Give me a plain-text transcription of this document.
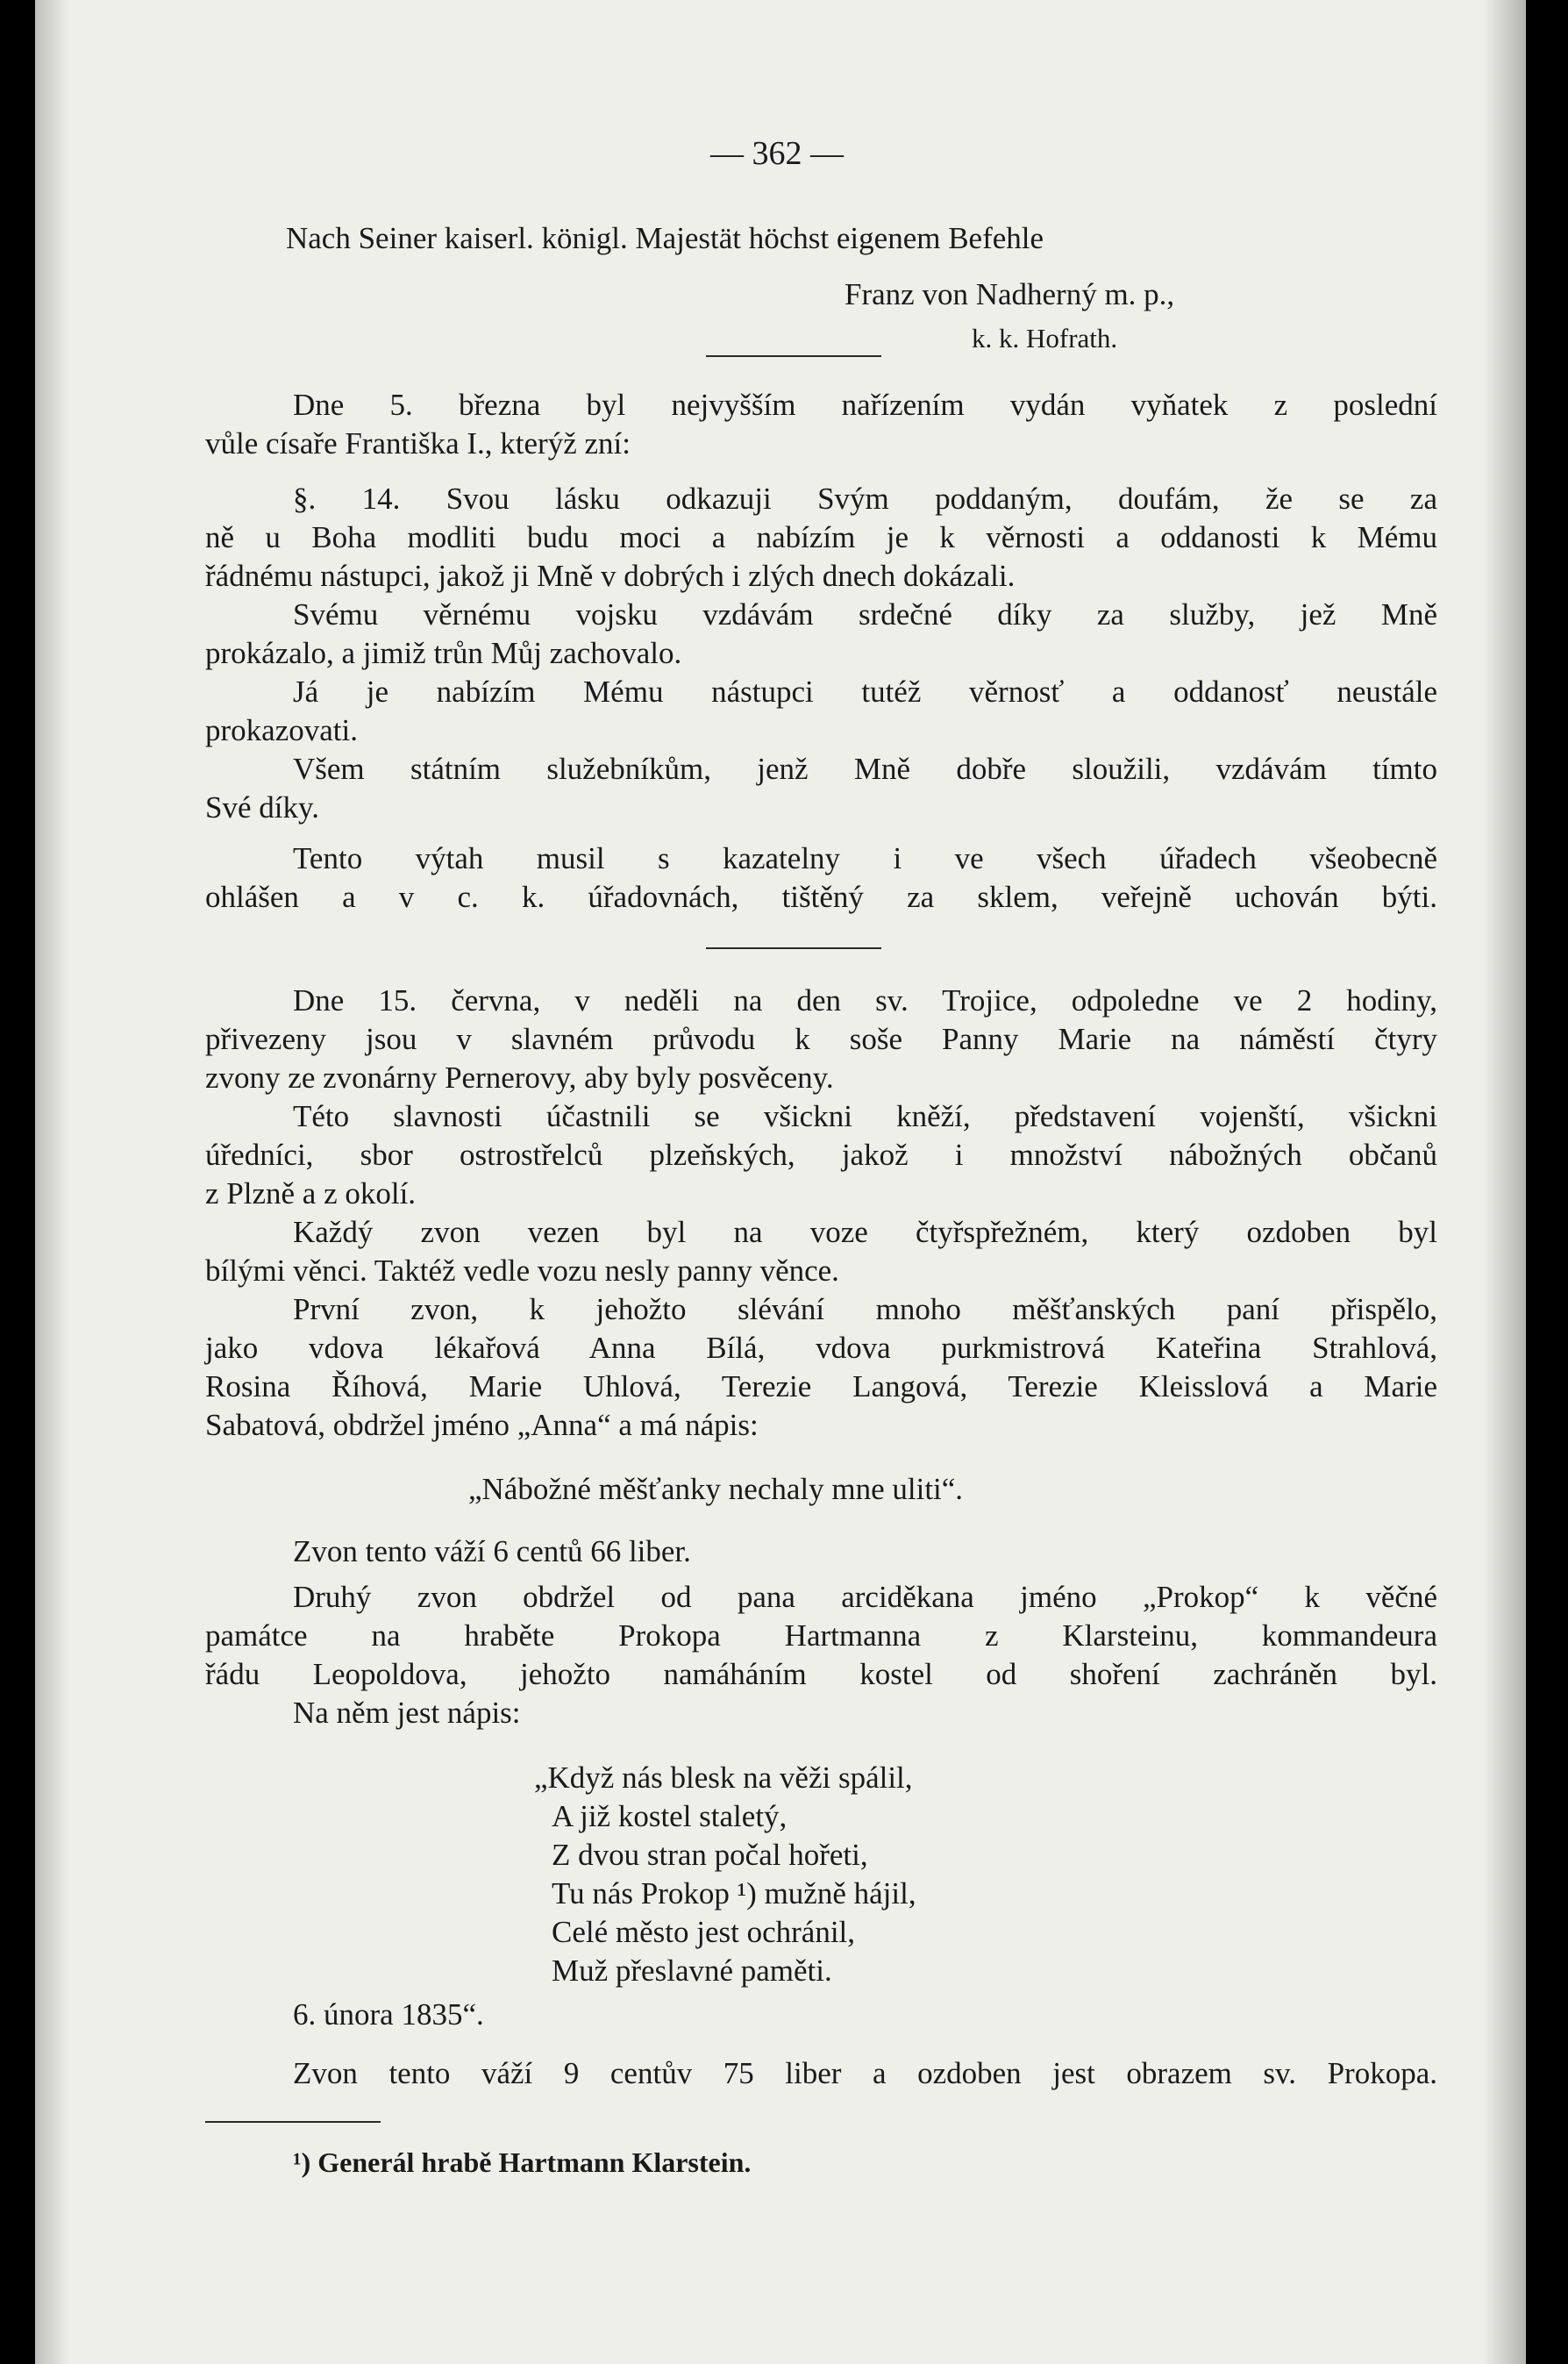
— 362 —
Nach Seiner kaiserl. königl. Majestät höchst eigenem Befehle
Franz von Nadherný m. p.,
k. k. Hofrath.
Dne 5. března byl nejvyšším nařízením vydán vyňatek z poslední
vůle císaře Františka I., kterýž zní:
§. 14. Svou lásku odkazuji Svým poddaným, doufám, že se za
ně u Boha modliti budu moci a nabízím je k věrnosti a oddanosti k Mému
řádnému nástupci, jakož ji Mně v dobrých i zlých dnech dokázali.
Svému věrnému vojsku vzdávám srdečné díky za služby, jež Mně
prokázalo, a jimiž trůn Můj zachovalo.
Já je nabízím Mému nástupci tutéž věrnosť a oddanosť neustále
prokazovati.
Všem státním služebníkům, jenž Mně dobře sloužili, vzdávám tímto
Své díky.
Tento výtah musil s kazatelny i ve všech úřadech všeobecně
ohlášen a v c. k. úřadovnách, tištěný za sklem, veřejně uchován býti.
Dne 15. června, v neděli na den sv. Trojice, odpoledne ve 2 hodiny,
přivezeny jsou v slavném průvodu k soše Panny Marie na náměstí čtyry
zvony ze zvonárny Pernerovy, aby byly posvěceny.
Této slavnosti účastnili se všickni kněží, představení vojenští, všickni
úředníci, sbor ostrostřelců plzeňských, jakož i množství nábožných občanů
z Plzně a z okolí.
Každý zvon vezen byl na voze čtyřspřežném, který ozdoben byl
bílými věnci. Taktéž vedle vozu nesly panny věnce.
První zvon, k jehožto slévání mnoho měšťanských paní přispělo,
jako vdova lékařová Anna Bílá, vdova purkmistrová Kateřina Strahlová,
Rosina Říhová, Marie Uhlová, Terezie Langová, Terezie Kleisslová a Marie
Sabatová, obdržel jméno „Anna“ a má nápis:
„Nábožné měšťanky nechaly mne uliti“.
Zvon tento váží 6 centů 66 liber.
Druhý zvon obdržel od pana arciděkana jméno „Prokop“ k věčné
památce na hraběte Prokopa Hartmanna z Klarsteinu, kommandeura
řádu Leopoldova, jehožto namáháním kostel od shoření zachráněn byl.
Na něm jest nápis:
„Když nás blesk na věži spálil,
A již kostel staletý,
Z dvou stran počal hořeti,
Tu nás Prokop ¹) mužně hájil,
Celé město jest ochránil,
Muž přeslavné paměti.
6. února 1835“.
Zvon tento váží 9 centův 75 liber a ozdoben jest obrazem sv. Prokopa.
¹) Generál hrabě Hartmann Klarstein.
